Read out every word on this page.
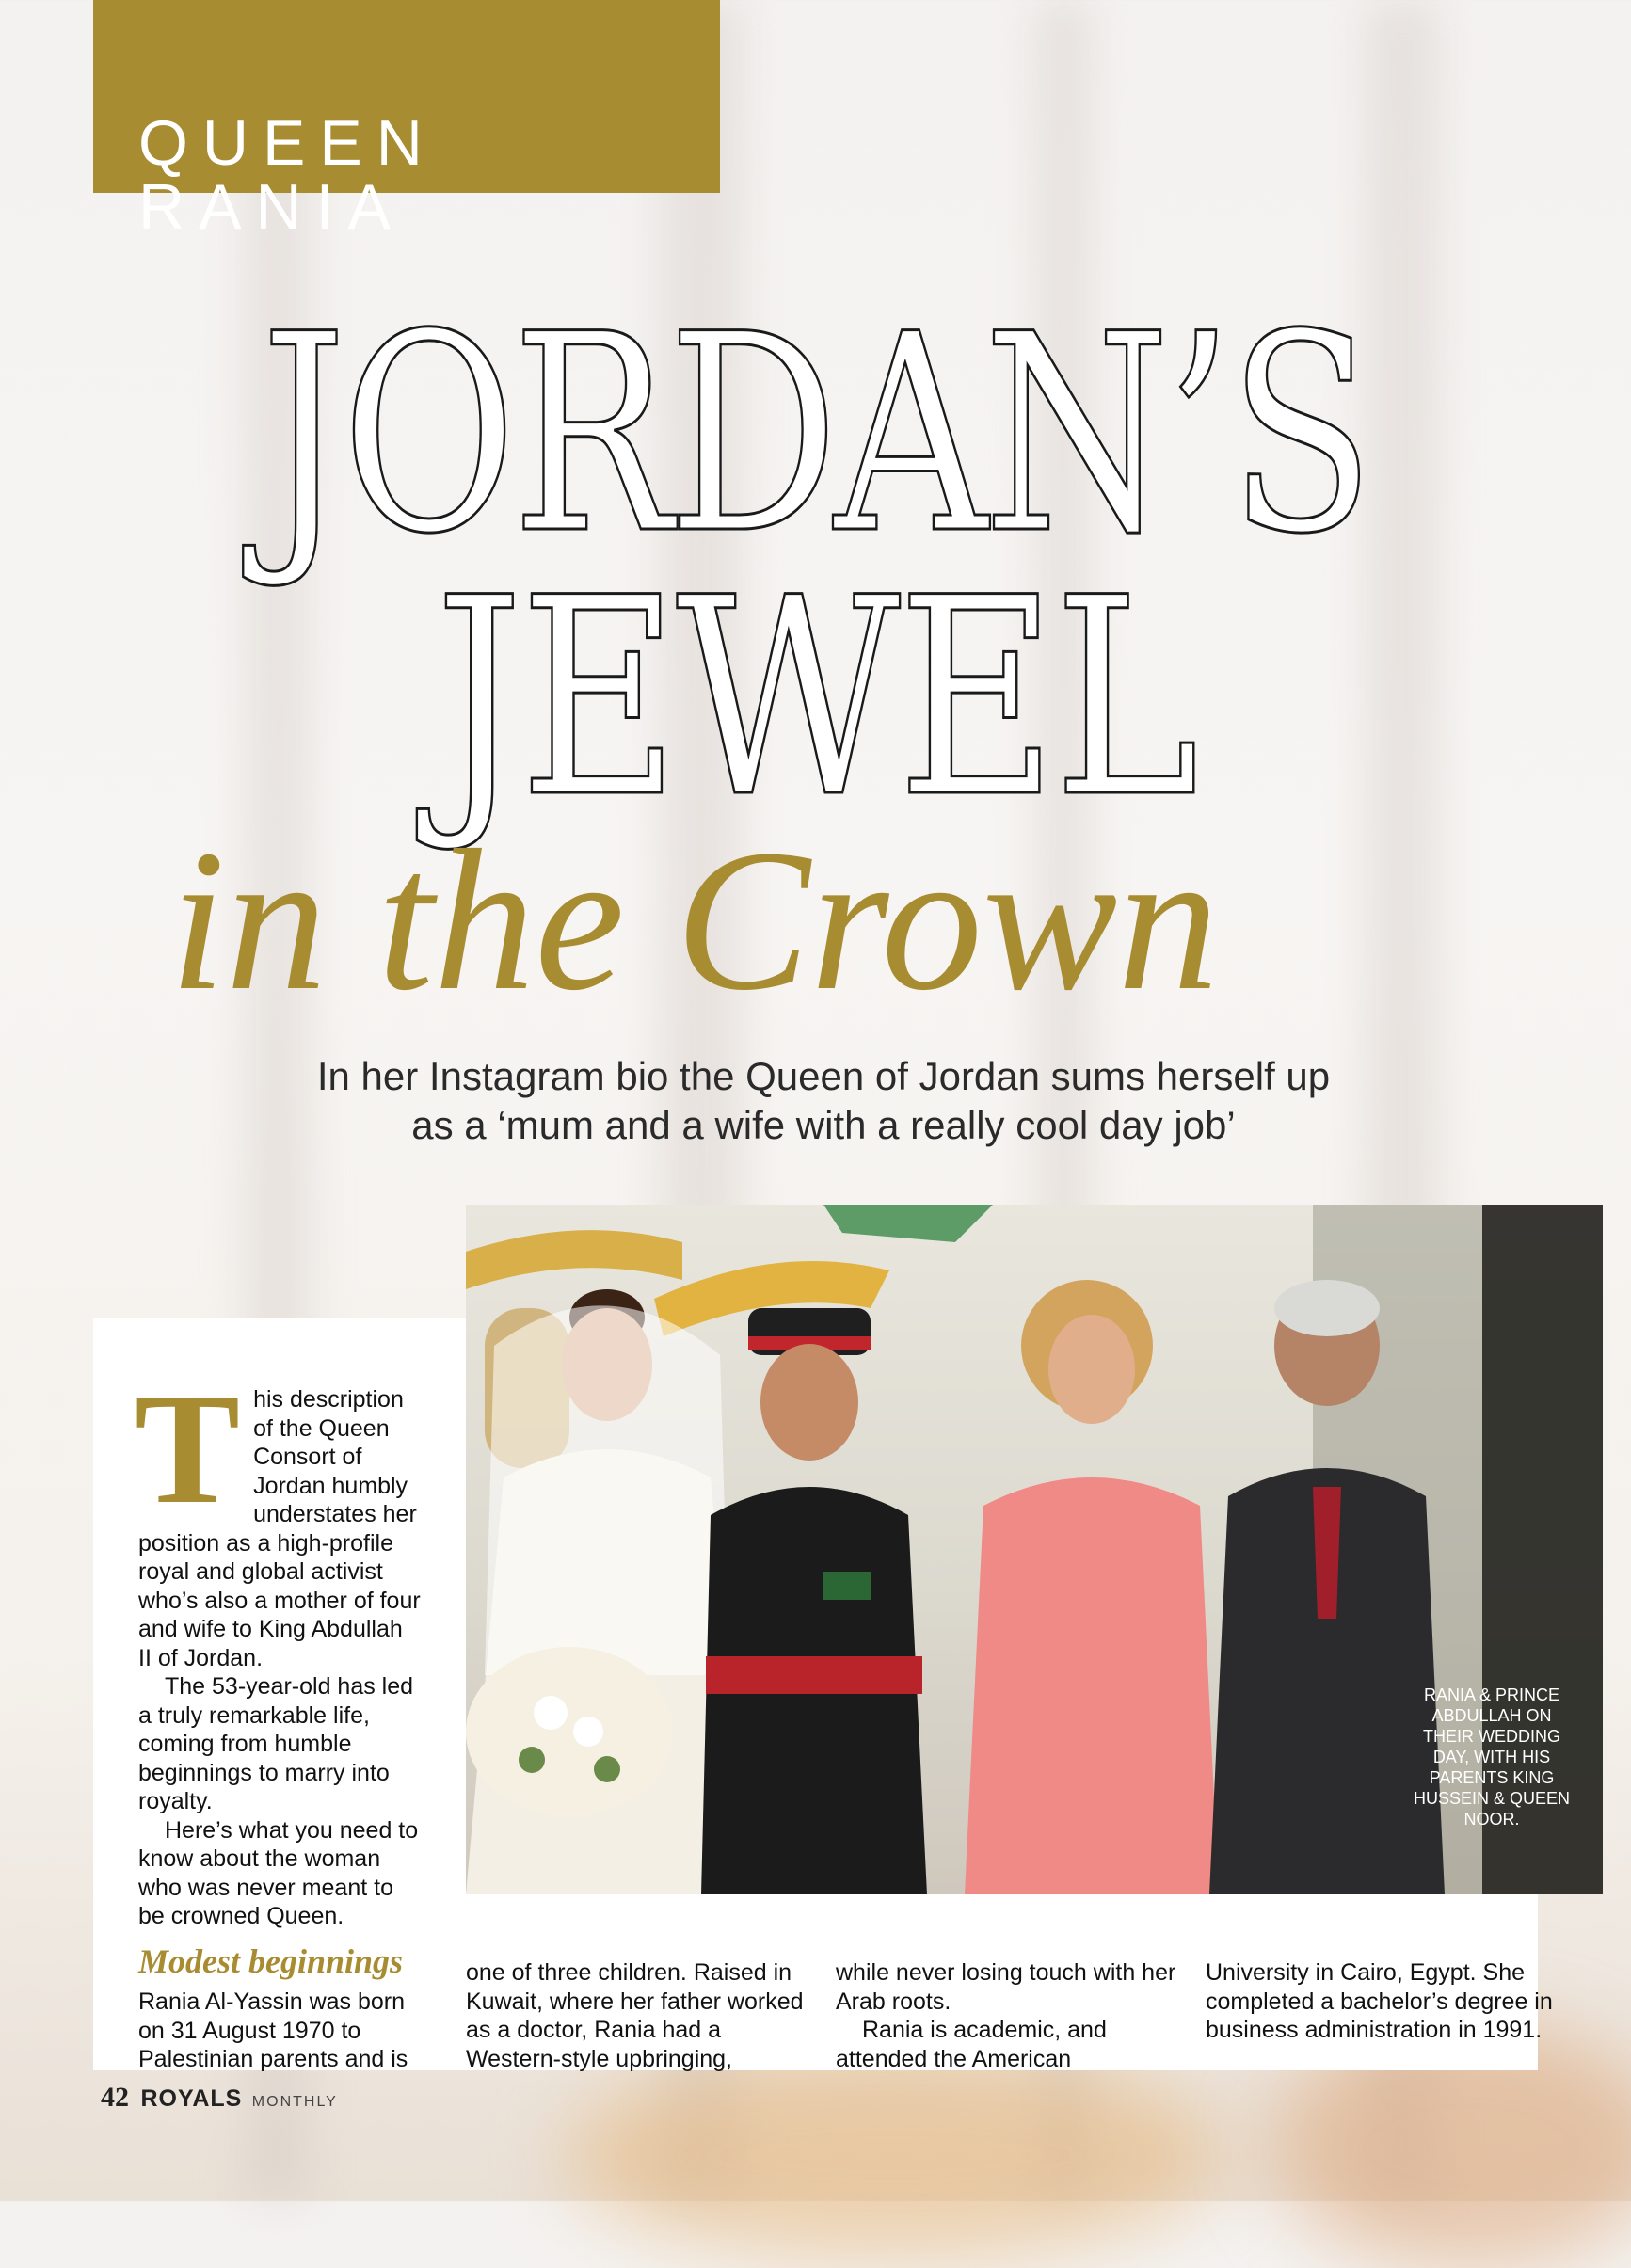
QUEEN RANIA
JORDAN’S
JEWEL
in the Crown
In her Instagram bio the Queen of Jordan sums herself up
as a ‘mum and a wife with a really cool day job’
RANIA & PRINCE ABDULLAH ON THEIR WEDDING DAY, WITH HIS PARENTS KING HUSSEIN & QUEEN NOOR.
T his description of the Queen Consort of Jordan humbly understates her position as a high-profile royal and global activist who’s also a mother of four and wife to King Abdullah II of Jordan.

The 53-year-old has led a truly remarkable life, coming from humble beginnings to marry into royalty.

Here’s what you need to know about the woman who was never meant to be crowned Queen.

Modest beginnings

Rania Al-Yassin was born on 31 August 1970 to Palestinian parents and is

one of three children. Raised in Kuwait, where her father worked as a doctor, Rania had a Western-style upbringing,

while never losing touch with her Arab roots.

Rania is academic, and attended the American

University in Cairo, Egypt. She completed a bachelor’s degree in business administration in 1991.

42 ROYALS MONTHLY
